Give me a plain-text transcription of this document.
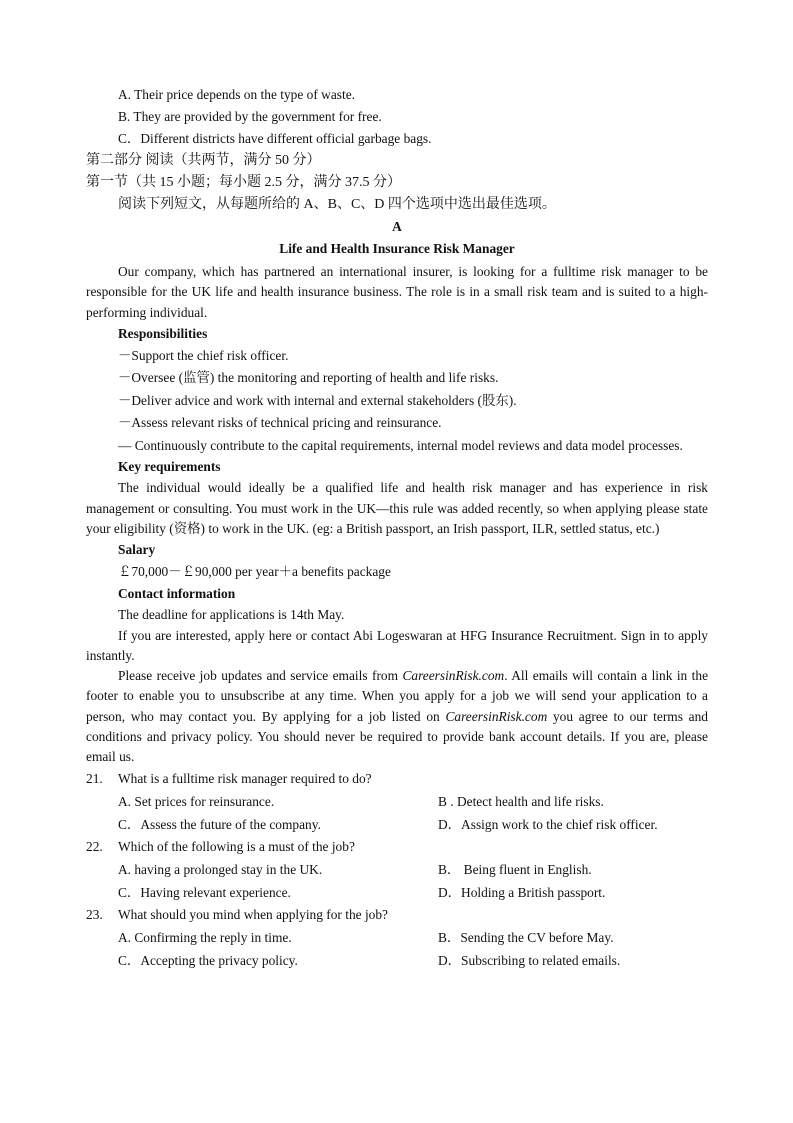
A. Their price depends on the type of waste.
B. They are provided by the government for free.
C．Different districts have different official garbage bags.
第二部分 阅读（共两节，满分 50 分）
第一节（共 15 小题；每小题 2.5 分，满分 37.5 分）
阅读下列短文，从每题所给的 A、B、C、D 四个选项中选出最佳选项。
A
Life and Health Insurance Risk Manager

Our company, which has partnered an international insurer, is looking for a fulltime risk manager to be responsible for the UK life and health insurance business. The role is in a small risk team and is suited to a high-performing individual.

Responsibilities
－Support the chief risk officer.
－Oversee (监管) the monitoring and reporting of health and life risks.
－Deliver advice and work with internal and external stakeholders (股东).
－Assess relevant risks of technical pricing and reinsurance.
— Continuously contribute to the capital requirements, internal model reviews and data model processes.
Key requirements

The individual would ideally be a qualified life and health risk manager and has experience in risk management or consulting. You must work in the UK—this rule was added recently, so when applying please state your eligibility (资格) to work in the UK. (eg: a British passport, an Irish passport, ILR, settled status, etc.)

Salary
￡70,000－￡90,000 per year＋a benefits package
Contact information

The deadline for applications is 14th May.

If you are interested, apply here or contact Abi Logeswaran at HFG Insurance Recruitment. Sign in to apply instantly.

Please receive job updates and service emails from CareersinRisk.com. All emails will contain a link in the footer to enable you to unsubscribe at any time. When you apply for a job we will send your application to a person, who may contact you. By applying for a job listed on CareersinRisk.com you agree to our terms and conditions and privacy policy. You should never be required to provide bank account details. If you are, please email us.

21.	What is a fulltime risk manager required to do?
A. Set prices for reinsurance.	B . Detect health and life risks.
C．Assess the future of the company.	D．Assign work to the chief risk officer.
22.	Which of the following is a must of the job?
A. having a prolonged stay in the UK.	B． Being fluent in English.
C．Having relevant experience.	D．Holding a British passport.
23.	What should you mind when applying for the job?
A. Confirming the reply in time.	B．Sending the CV before May.
C．Accepting the privacy policy.	D．Subscribing to related emails.
